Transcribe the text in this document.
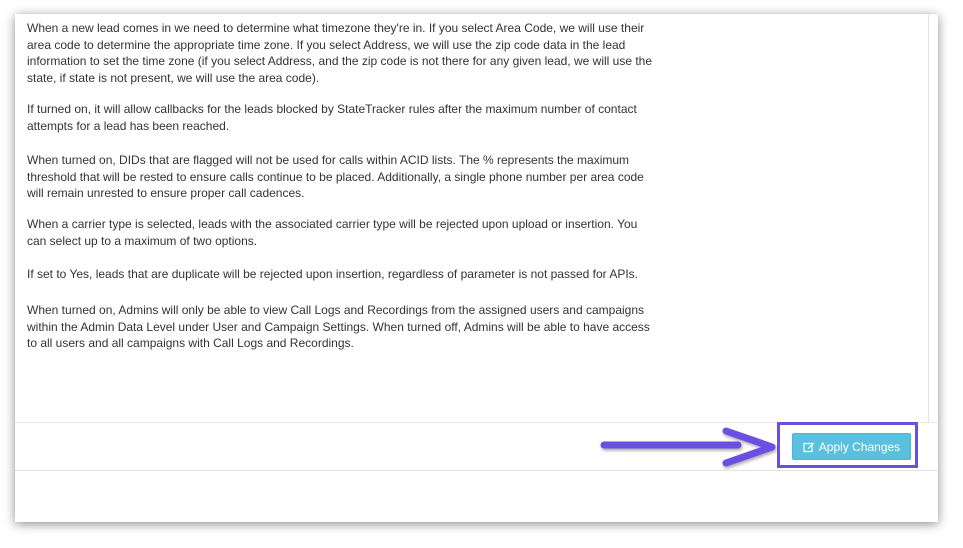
When a new lead comes in we need to determine what timezone they're in. If you select Area Code, we will use their area code to determine the appropriate time zone. If you select Address, we will use the zip code data in the lead information to set the time zone (if you select Address, and the zip code is not there for any given lead, we will use the state, if state is not present, we will use the area code).

If turned on, it will allow callbacks for the leads blocked by StateTracker rules after the maximum number of contact attempts for a lead has been reached.

When turned on, DIDs that are flagged will not be used for calls within ACID lists. The % represents the maximum threshold that will be rested to ensure calls continue to be placed. Additionally, a single phone number per area code will remain unrested to ensure proper call cadences.

When a carrier type is selected, leads with the associated carrier type will be rejected upon upload or insertion. You can select up to a maximum of two options.

If set to Yes, leads that are duplicate will be rejected upon insertion, regardless of parameter is not passed for APIs.

When turned on, Admins will only be able to view Call Logs and Recordings from the assigned users and campaigns within the Admin Data Level under User and Campaign Settings. When turned off, Admins will be able to have access to all users and all campaigns with Call Logs and Recordings.

Apply Changes
